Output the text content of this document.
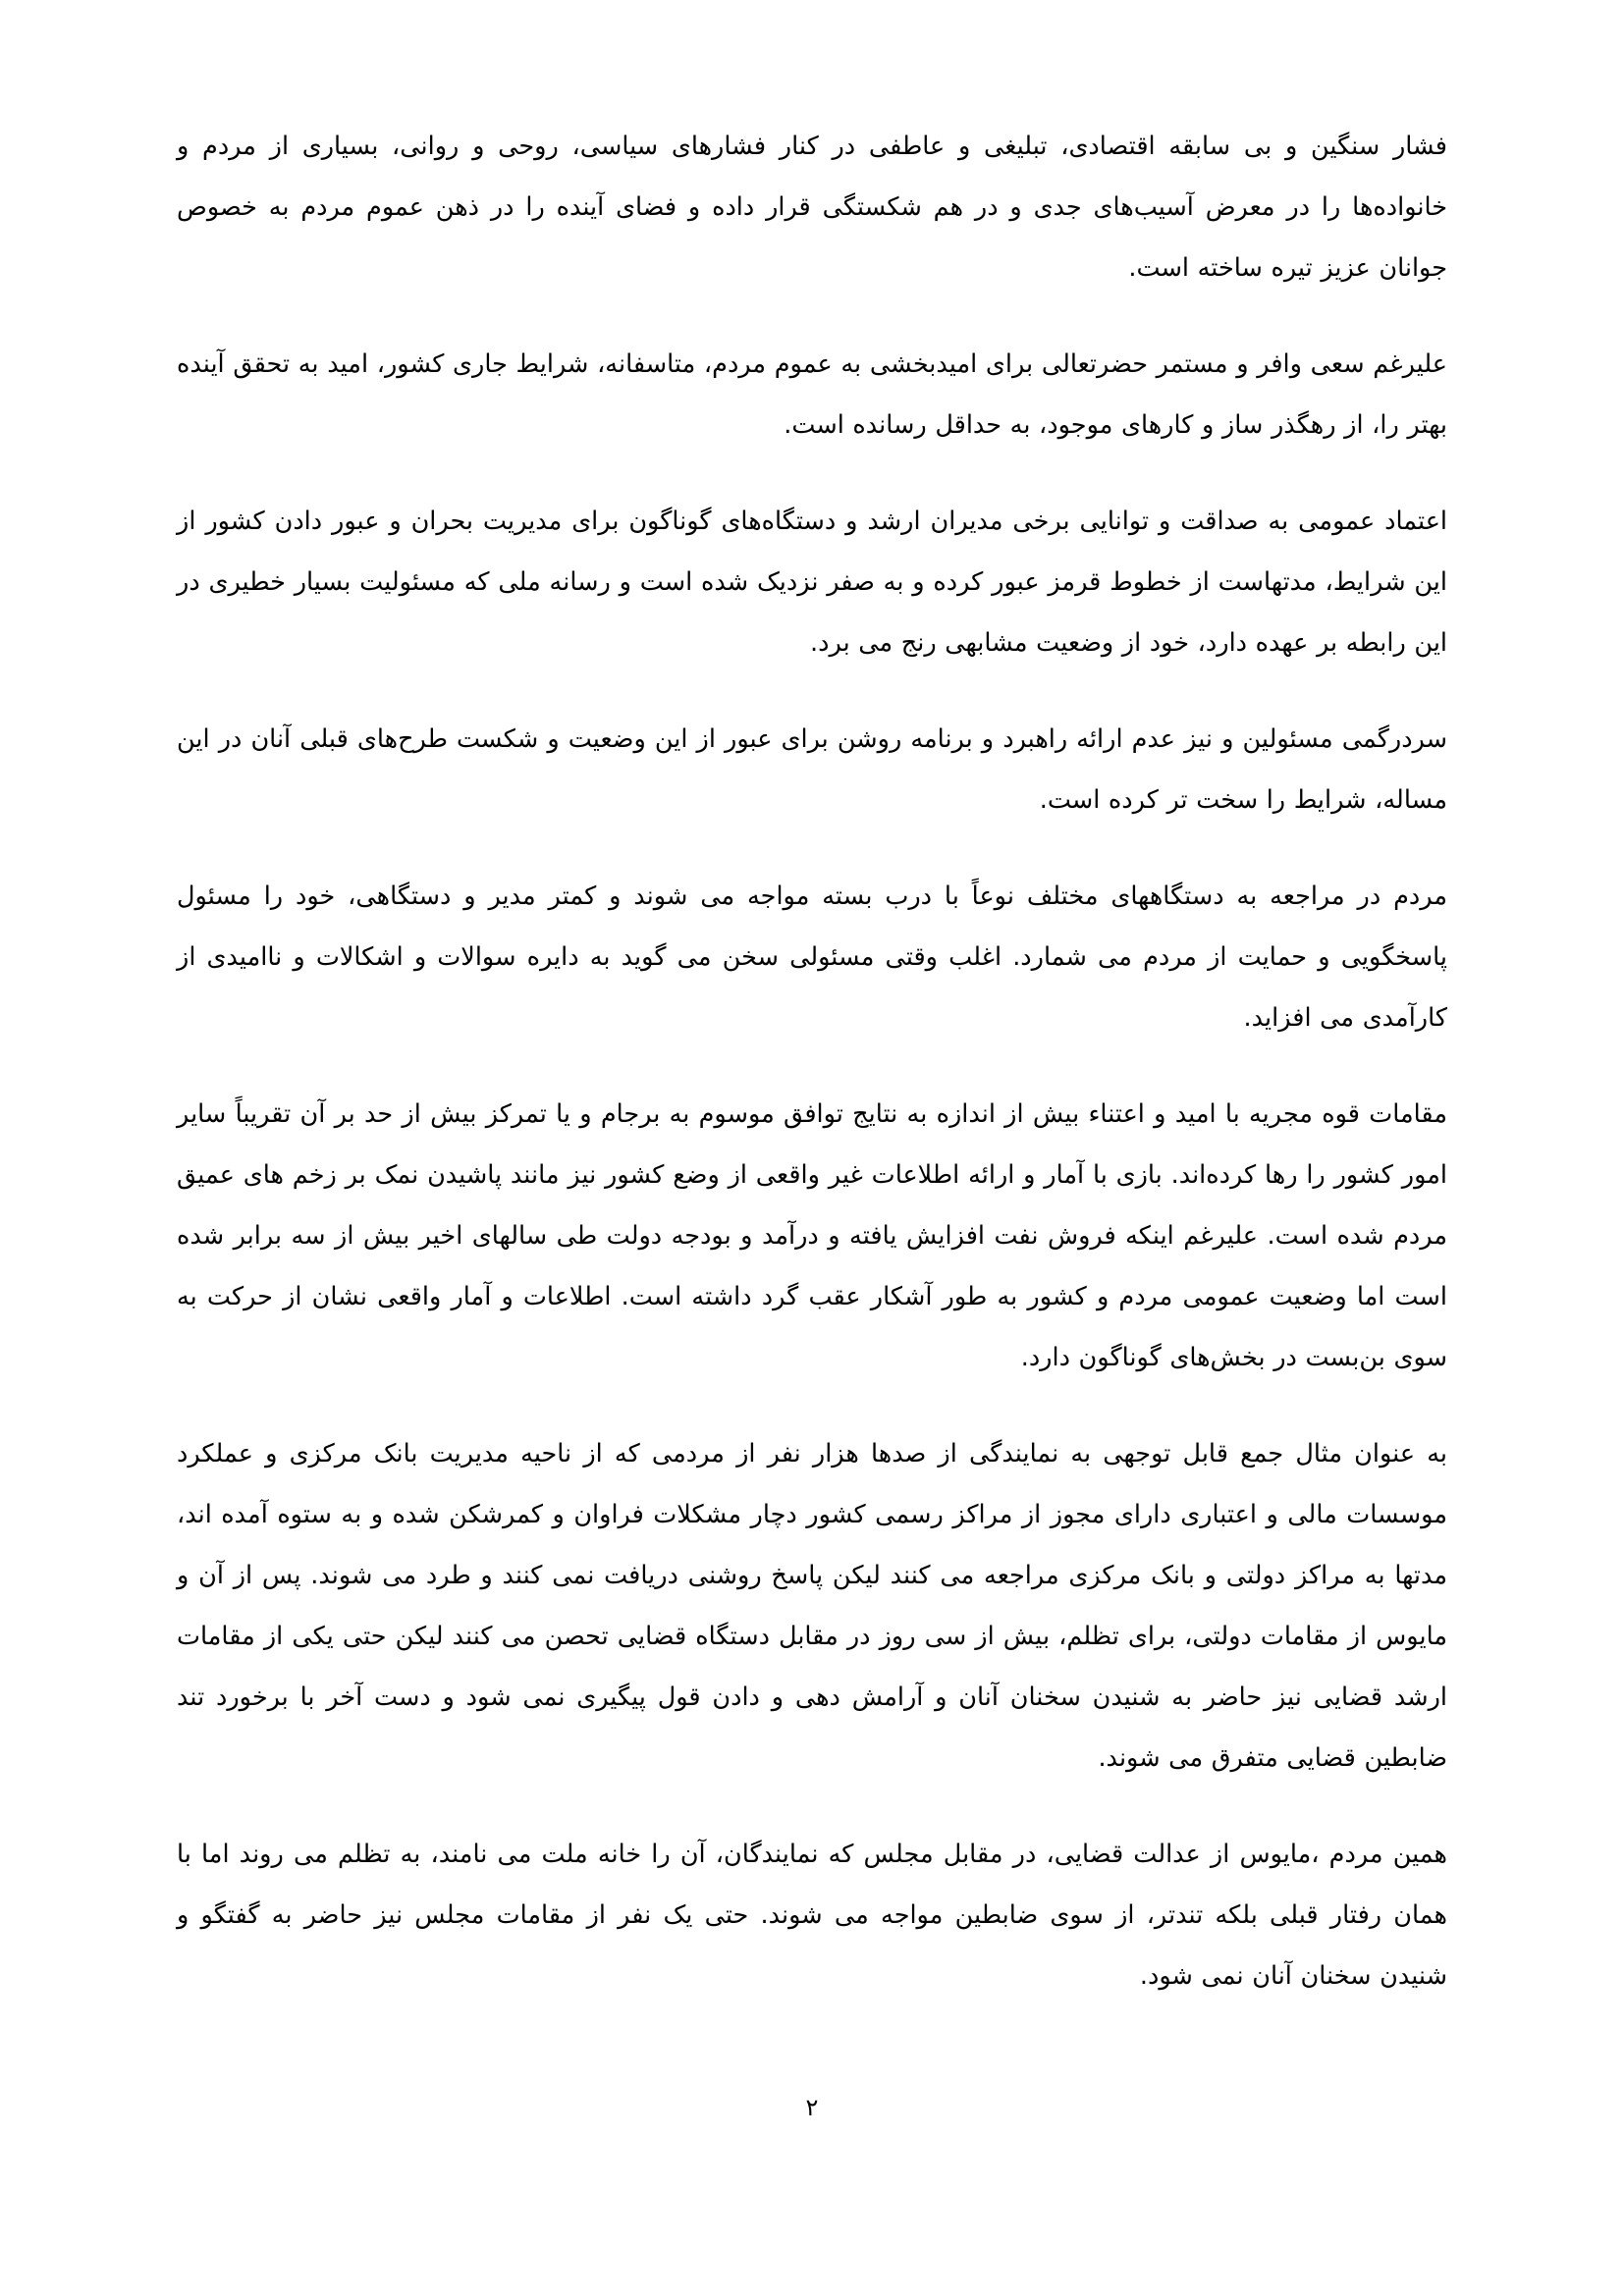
فشار سنگین و بی سابقه اقتصادی، تبلیغی و عاطفی در کنار فشارهای سیاسی، روحی و روانی، بسیاری از مردم و خانواده‌ها را در معرض آسیب‌های جدی و در هم شکستگی قرار داده و فضای آینده را در ذهن عموم مردم به خصوص جوانان عزیز تیره ساخته است.

علیرغم سعی وافر و مستمر حضرتعالی برای امیدبخشی به عموم مردم، متاسفانه، شرایط جاری کشور، امید به تحقق آینده بهتر را، از رهگذر ساز و کارهای موجود، به حداقل رسانده است.

اعتماد عمومی به صداقت و توانایی برخی مدیران ارشد و دستگاه‌های گوناگون برای مدیریت بحران و عبور دادن کشور از این شرایط، مدتهاست از خطوط قرمز عبور کرده و به صفر نزدیک شده است و رسانه ملی که مسئولیت بسیار خطیری در این رابطه بر عهده دارد، خود از وضعیت مشابهی رنج می برد.

سردرگمی مسئولین و نیز عدم ارائه راهبرد و برنامه روشن برای عبور از این وضعیت و شکست طرح‌های قبلی آنان در این مساله، شرایط را سخت تر کرده است.

مردم در مراجعه به دستگاههای مختلف نوعاً با درب بسته مواجه می شوند و کمتر مدیر و دستگاهی، خود را مسئول پاسخگویی و حمایت از مردم می شمارد. اغلب وقتی مسئولی سخن می گوید به دایره سوالات و اشکالات و ناامیدی از کارآمدی می افزاید.

مقامات قوه مجریه با امید و اعتناء بیش از اندازه به نتایج توافق موسوم به برجام و یا تمرکز بیش از حد بر آن تقریباً سایر امور کشور را رها کرده‌اند. بازی با آمار و ارائه اطلاعات غیر واقعی از وضع کشور نیز مانند پاشیدن نمک بر زخم های عمیق مردم شده است. علیرغم اینکه فروش نفت افزایش یافته و درآمد و بودجه دولت طی سالهای اخیر بیش از سه برابر شده است اما وضعیت عمومی مردم و کشور به طور آشکار عقب گرد داشته است. اطلاعات و آمار واقعی نشان از حرکت به سوی بن‌بست در بخش‌های گوناگون دارد.

به عنوان مثال جمع قابل توجهی به نمایندگی از صدها هزار نفر از مردمی که از ناحیه مدیریت بانک مرکزی و عملکرد موسسات مالی و اعتباری دارای مجوز از مراکز رسمی کشور دچار مشکلات فراوان و کمرشکن شده و به ستوه آمده اند، مدتها به مراکز دولتی و بانک مرکزی مراجعه می کنند لیکن پاسخ روشنی دریافت نمی کنند و طرد می شوند. پس از آن و مایوس از مقامات دولتی، برای تظلم، بیش از سی روز در مقابل دستگاه قضایی تحصن می کنند لیکن حتی یکی از مقامات ارشد قضایی نیز حاضر به شنیدن سخنان آنان و آرامش دهی و دادن قول پیگیری نمی شود و دست آخر با برخورد تند ضابطین قضایی متفرق می شوند.

همین مردم ،مایوس از عدالت قضایی، در مقابل مجلس که نمایندگان، آن را خانه ملت می نامند، به تظلم می روند اما با همان رفتار قبلی بلکه تندتر، از سوی ضابطین مواجه می شوند. حتی یک نفر از مقامات مجلس نیز حاضر به گفتگو و شنیدن سخنان آنان نمی شود.

۲
